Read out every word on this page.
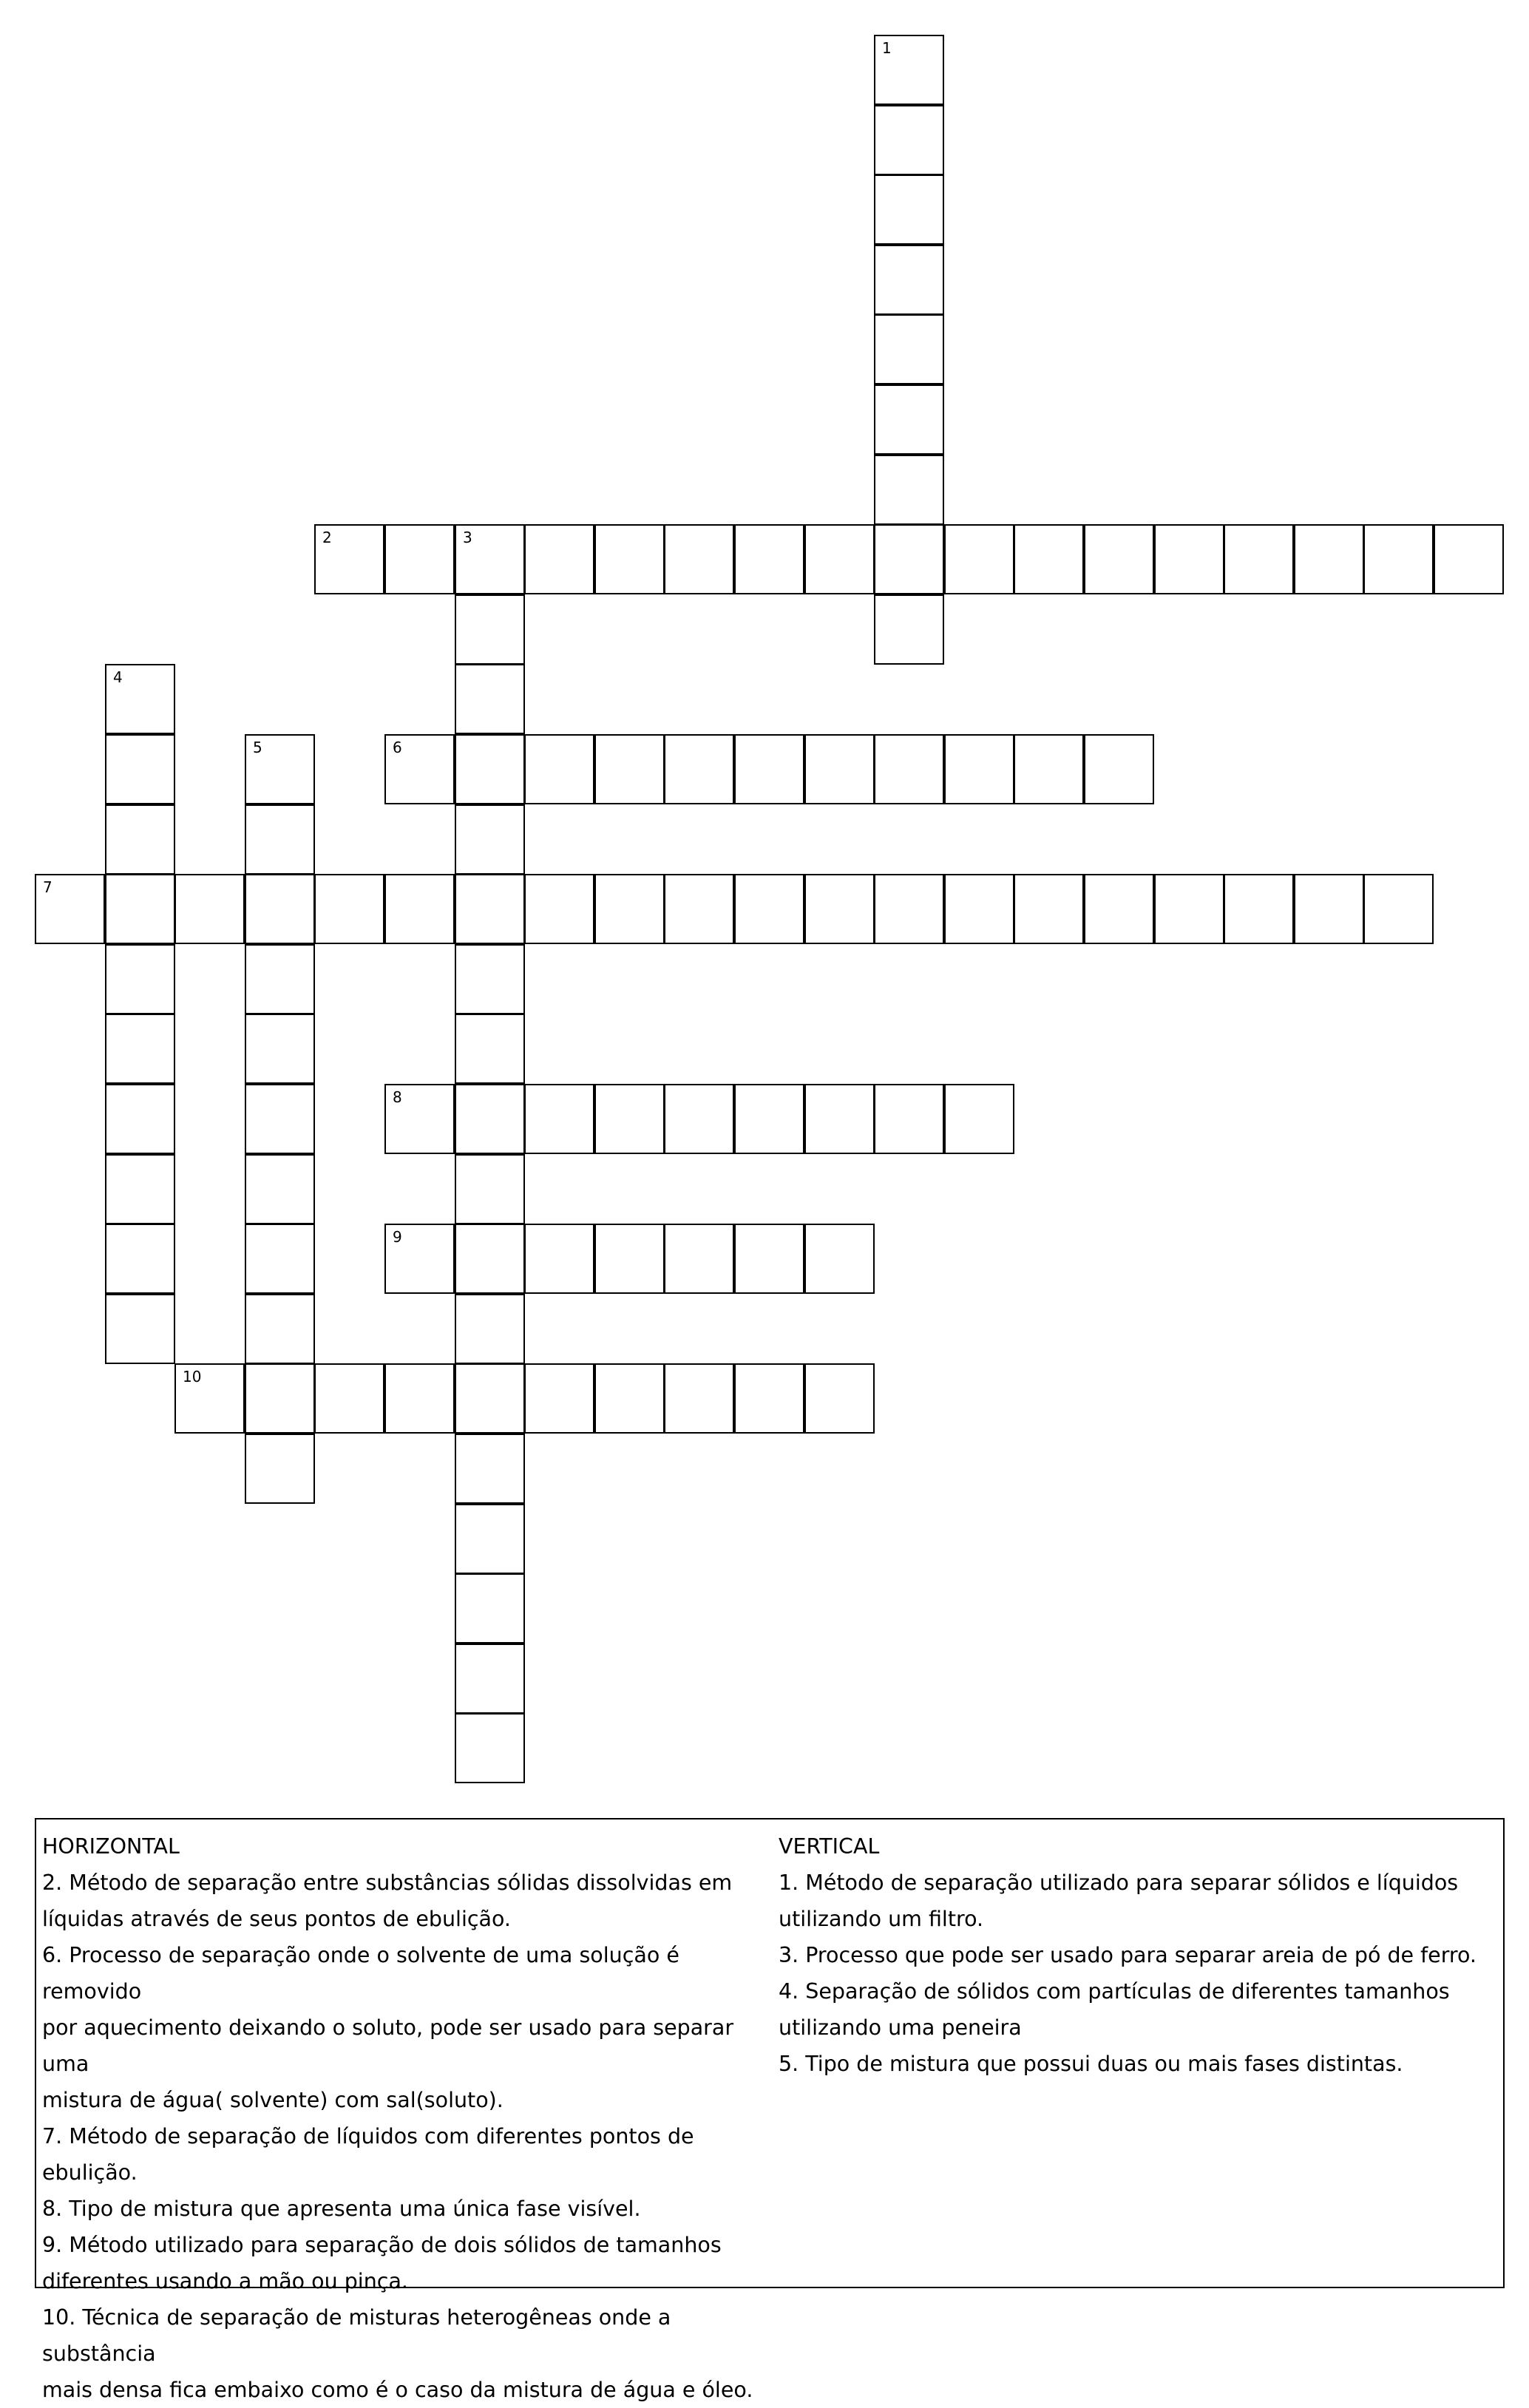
1
2	3
4
5	6
7
8
9
10

HORIZONTAL

2. Método de separação entre substâncias sólidas dissolvidas em

líquidas através de seus pontos de ebulição.

6. Processo de separação onde o solvente de uma solução é removido

por aquecimento deixando o soluto, pode ser usado para separar uma

mistura de água( solvente) com sal(soluto).

7. Método de separação de líquidos com diferentes pontos de ebulição.

8. Tipo de mistura que apresenta uma única fase visível.

9. Método utilizado para separação de dois sólidos de tamanhos

diferentes usando a mão ou pinça.

10. Técnica de separação de misturas heterogêneas onde a substância

mais densa fica embaixo como é o caso da mistura de água e óleo.

VERTICAL

1. Método de separação utilizado para separar sólidos e líquidos

utilizando um filtro.

3. Processo que pode ser usado para separar areia de pó de ferro.

4. Separação de sólidos com partículas de diferentes tamanhos

utilizando uma peneira

5. Tipo de mistura que possui duas ou mais fases distintas.
